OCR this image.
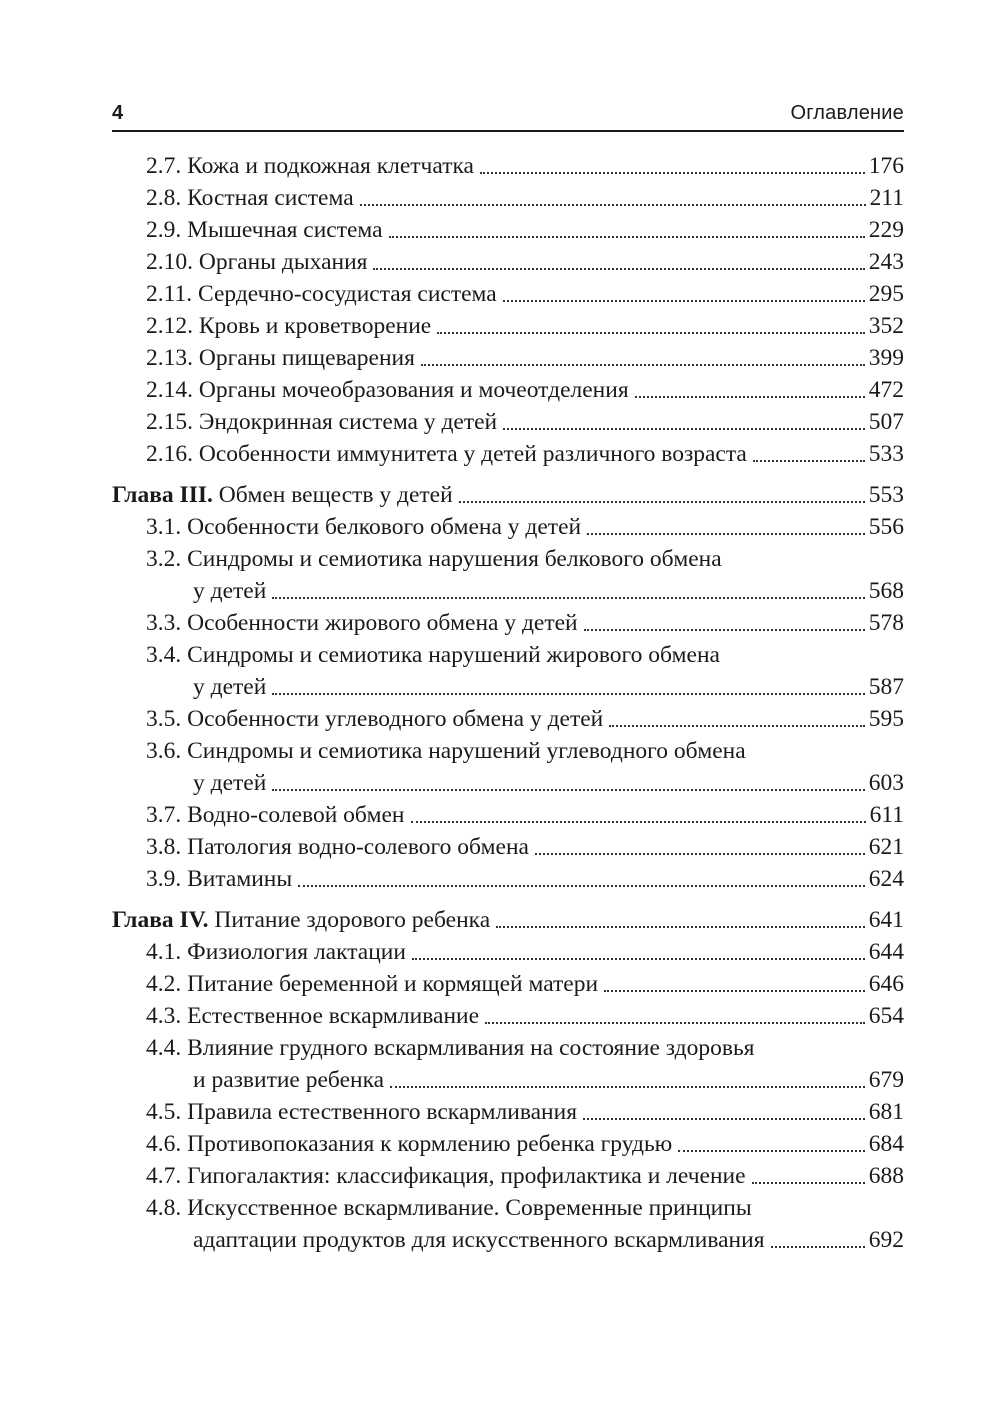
4	Оглавление
2.7. Кожа и подкожная клетчатка	176
2.8. Костная система	211
2.9. Мышечная система	229
2.10. Органы дыхания	243
2.11. Сердечно-сосудистая система	295
2.12. Кровь и кроветворение	352
2.13. Органы пищеварения	399
2.14. Органы мочеобразования и мочеотделения	472
2.15. Эндокринная система у детей	507
2.16. Особенности иммунитета у детей различного возраста	533
Глава III. Обмен веществ у детей	553
3.1. Особенности белкового обмена у детей	556
3.2. Синдромы и семиотика нарушения белкового обмена
у детей	568
3.3. Особенности жирового обмена у детей	578
3.4. Синдромы и семиотика нарушений жирового обмена
у детей	587
3.5. Особенности углеводного обмена у детей	595
3.6. Синдромы и семиотика нарушений углеводного обмена
у детей	603
3.7. Водно-солевой обмен	611
3.8. Патология водно-солевого обмена	621
3.9. Витамины	624
Глава IV. Питание здорового ребенка	641
4.1. Физиология лактации	644
4.2. Питание беременной и кормящей матери	646
4.3. Естественное вскармливание	654
4.4. Влияние грудного вскармливания на состояние здоровья
и развитие ребенка	679
4.5. Правила естественного вскармливания	681
4.6. Противопоказания к кормлению ребенка грудью	684
4.7. Гипогалактия: классификация, профилактика и лечение	688
4.8. Искусственное вскармливание. Современные принципы
адаптации продуктов для искусственного вскармливания	692
